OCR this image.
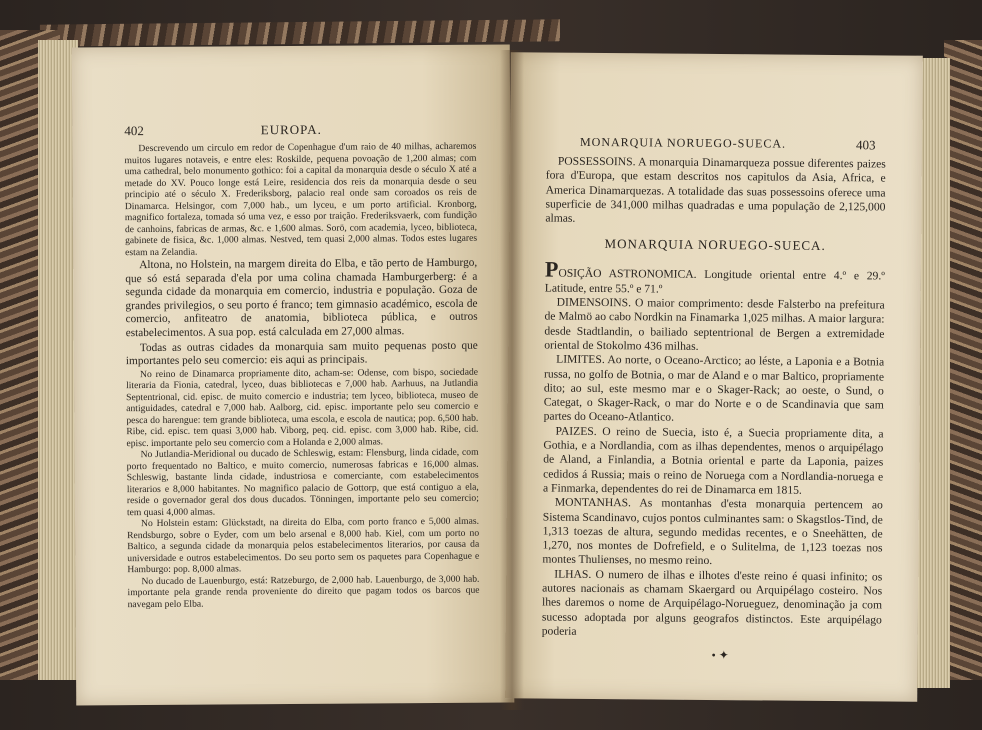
402	EUROPA.

Descrevendo um circulo em redor de Copenhague d'um raio de 40 milhas, acharemos muitos lugares notaveis, e entre eles: Roskilde, pequena povoação de 1,200 almas; com uma cathedral, belo monumento gothico: foi a capital da monarquia desde o século X até a metade do XV. Pouco longe está Leire, residencia dos reis da monarquia desde o seu principio até o século X. Frederiksborg, palacio real onde sam coroados os reis de Dinamarca. Helsingor, com 7,000 hab., um lyceu, e um porto artificial. Kronborg, magnifico fortaleza, tomada só uma vez, e esso por traição. Frederiksvaerk, com fundição de canhoins, fabricas de armas, &c. e 1,600 almas. Sorö, com academia, lyceo, biblioteca, gabinete de fisica, &c. 1,000 almas. Nestved, tem quasi 2,000 almas. Todos estes lugares estam na Zelandia.

Altona, no Holstein, na margem direita do Elba, e tão perto de Hamburgo, que só está separada d'ela por uma colina chamada Hamburgerberg: é a segunda cidade da monarquia em comercio, industria e população. Goza de grandes privilegios, o seu porto é franco; tem gimnasio académico, escola de comercio, anfiteatro de anatomia, biblioteca pública, e outros estabelecimentos. A sua pop. está calculada em 27,000 almas.

Todas as outras cidades da monarquia sam muito pequenas posto que importantes pelo seu comercio: eis aqui as principais.

No reino de Dinamarca propriamente dito, acham-se: Odense, com bispo, sociedade literaria da Fionia, catedral, lyceo, duas bibliotecas e 7,000 hab. Aarhuus, na Jutlandia Septentrional, cid. episc. de muito comercio e industria; tem lyceo, biblioteca, museo de antiguidades, catedral e 7,000 hab. Aalborg, cid. episc. importante pelo seu comercio e pesca do harengue: tem grande biblioteca, uma escola, e escola de nautica; pop. 6,500 hab. Ribe, cid. episc. tem quasi 3,000 hab. Viborg, peq. cid. episc. com 3,000 hab. Ribe, cid. episc. importante pelo seu comercio com a Holanda e 2,000 almas.

No Jutlandia-Meridional ou ducado de Schleswig, estam: Flensburg, linda cidade, com porto frequentado no Baltico, e muito comercio, numerosas fabricas e 16,000 almas. Schleswig, bastante linda cidade, industriosa e comerciante, com estabelecimentos literarios e 8,000 habitantes. No magnifico palacio de Gottorp, que está contiguo a ela, reside o governador geral dos dous ducados. Tönningen, importante pelo seu comercio; tem quasi 4,000 almas.

No Holstein estam: Glückstadt, na direita do Elba, com porto franco e 5,000 almas. Rendsburgo, sobre o Eyder, com um belo arsenal e 8,000 hab. Kiel, com um porto no Baltico, a segunda cidade da monarquia pelos estabelecimentos literarios, por causa da universidade e outros estabelecimentos. Do seu porto sem os paquetes para Copenhague e Hamburgo: pop. 8,000 almas.

No ducado de Lauenburgo, está: Ratzeburgo, de 2,000 hab. Lauenburgo, de 3,000 hab. importante pela grande renda proveniente do direito que pagam todos os barcos que navegam pelo Elba.

MONARQUIA NORUEGO-SUECA.	403

POSSESSOINS. A monarquia Dinamarqueza possue diferentes paizes fora d'Europa, que estam descritos nos capitulos da Asia, Africa, e America Dinamarquezas. A totalidade das suas possessoins oferece uma superficie de 341,000 milhas quadradas e uma população de 2,125,000 almas.

MONARQUIA NORUEGO-SUECA.

POSIÇÃO ASTRONOMICA. Longitude oriental entre 4.º e 29.º Latitude, entre 55.º e 71.º

DIMENSOINS. O maior comprimento: desde Falsterbo na prefeitura de Malmö ao cabo Nordkin na Finamarka 1,025 milhas. A maior largura: desde Stadtlandin, o bailiado septentrional de Bergen a extremidade oriental de Stokolmo 436 milhas.

LIMITES. Ao norte, o Oceano-Arctico; ao léste, a Laponia e a Botnia russa, no golfo de Botnia, o mar de Aland e o mar Baltico, propriamente dito; ao sul, este mesmo mar e o Skager-Rack; ao oeste, o Sund, o Categat, o Skager-Rack, o mar do Norte e o de Scandinavia que sam partes do Oceano-Atlantico.

PAIZES. O reino de Suecia, isto é, a Suecia propriamente dita, a Gothia, e a Nordlandia, com as ilhas dependentes, menos o arquipélago de Aland, a Finlandia, a Botnia oriental e parte da Laponia, paizes cedidos á Russia; mais o reino de Noruega com a Nordlandia-noruega e a Finmarka, dependentes do rei de Dinamarca em 1815.

MONTANHAS. As montanhas d'esta monarquia pertencem ao Sistema Scandinavo, cujos pontos culminantes sam: o Skagstlos-Tind, de 1,313 toezas de altura, segundo medidas recentes, e o Sneehätten, de 1,270, nos montes de Dofrefield, e o Sulitelma, de 1,123 toezas nos montes Thulienses, no mesmo reino.

ILHAS. O numero de ilhas e ilhotes d'este reino é quasi infinito; os autores nacionais as chamam Skaergard ou Arquipélago costeiro. Nos lhes daremos o nome de Arquipélago-Norueguez, denominação ja com sucesso adoptada por alguns geografos distinctos. Este arquipélago poderia

• ✦
